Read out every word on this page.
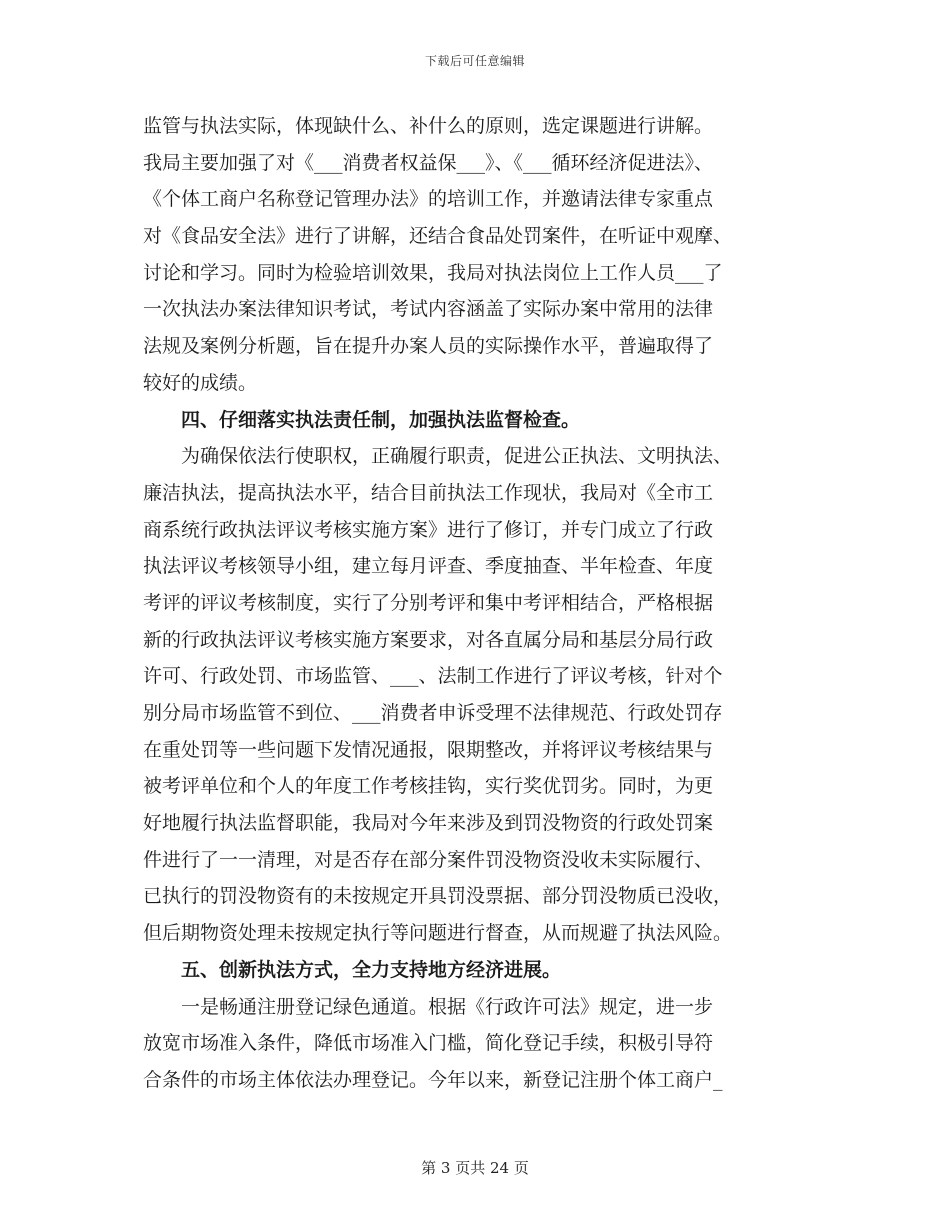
下载后可任意编辑
监管与执法实际，体现缺什么、补什么的原则，选定课题进行讲解。
我局主要加强了对《___消费者权益保___》、《___循环经济促进法》、
《个体工商户名称登记管理办法》的培训工作，并邀请法律专家重点
对《食品安全法》进行了讲解，还结合食品处罚案件，在听证中观摩、
讨论和学习。同时为检验培训效果，我局对执法岗位上工作人员___了
一次执法办案法律知识考试，考试内容涵盖了实际办案中常用的法律
法规及案例分析题，旨在提升办案人员的实际操作水平，普遍取得了
较好的成绩。
四、仔细落实执法责任制，加强执法监督检查。
为确保依法行使职权，正确履行职责，促进公正执法、文明执法、
廉洁执法，提高执法水平，结合目前执法工作现状，我局对《全市工
商系统行政执法评议考核实施方案》进行了修订，并专门成立了行政
执法评议考核领导小组，建立每月评查、季度抽查、半年检查、年度
考评的评议考核制度，实行了分别考评和集中考评相结合，严格根据
新的行政执法评议考核实施方案要求，对各直属分局和基层分局行政
许可、行政处罚、市场监管、___、法制工作进行了评议考核，针对个
别分局市场监管不到位、___消费者申诉受理不法律规范、行政处罚存
在重处罚等一些问题下发情况通报，限期整改，并将评议考核结果与
被考评单位和个人的年度工作考核挂钩，实行奖优罚劣。同时，为更
好地履行执法监督职能，我局对今年来涉及到罚没物资的行政处罚案
件进行了一一清理，对是否存在部分案件罚没物资没收未实际履行、
已执行的罚没物资有的未按规定开具罚没票据、部分罚没物质已没收，
但后期物资处理未按规定执行等问题进行督查，从而规避了执法风险。
五、创新执法方式，全力支持地方经济进展。
一是畅通注册登记绿色通道。根据《行政许可法》规定，进一步
放宽市场准入条件，降低市场准入门槛，简化登记手续，积极引导符
合条件的市场主体依法办理登记。今年以来，新登记注册个体工商户_
第 3 页共 24 页
